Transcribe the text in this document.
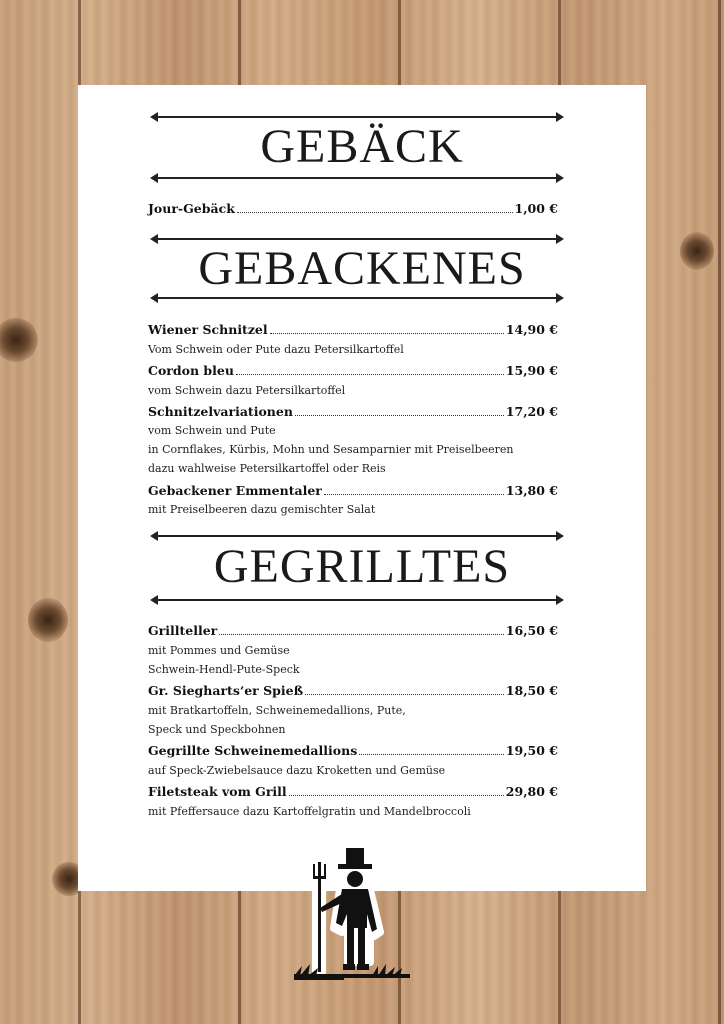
GEBÄCK
Jour-Gebäck	1,00 €
GEBACKENES
Wiener Schnitzel	14,90 €
Vom Schwein oder Pute dazu Petersilkartoffel
Cordon bleu	15,90 €
vom Schwein dazu Petersilkartoffel
Schnitzelvariationen	17,20 €
vom Schwein und Pute
in Cornflakes, Kürbis, Mohn und Sesamparnier mit Preiselbeeren
dazu wahlweise Petersilkartoffel oder Reis
Gebackener Emmentaler	13,80 €
mit Preiselbeeren dazu gemischter Salat
GEGRILLTES
Grillteller	16,50 €
mit Pommes und Gemüse
Schwein-Hendl-Pute-Speck
Gr. Sieghartsʻer Spieß	18,50 €
mit Bratkartoffeln, Schweinemedallions, Pute,
Speck und Speckbohnen
Gegrillte Schweinemedallions	19,50 €
auf Speck-Zwiebelsauce dazu Kroketten und Gemüse
Filetsteak vom Grill	29,80 €
mit Pfeffersauce dazu Kartoffelgratin und Mandelbroccoli
